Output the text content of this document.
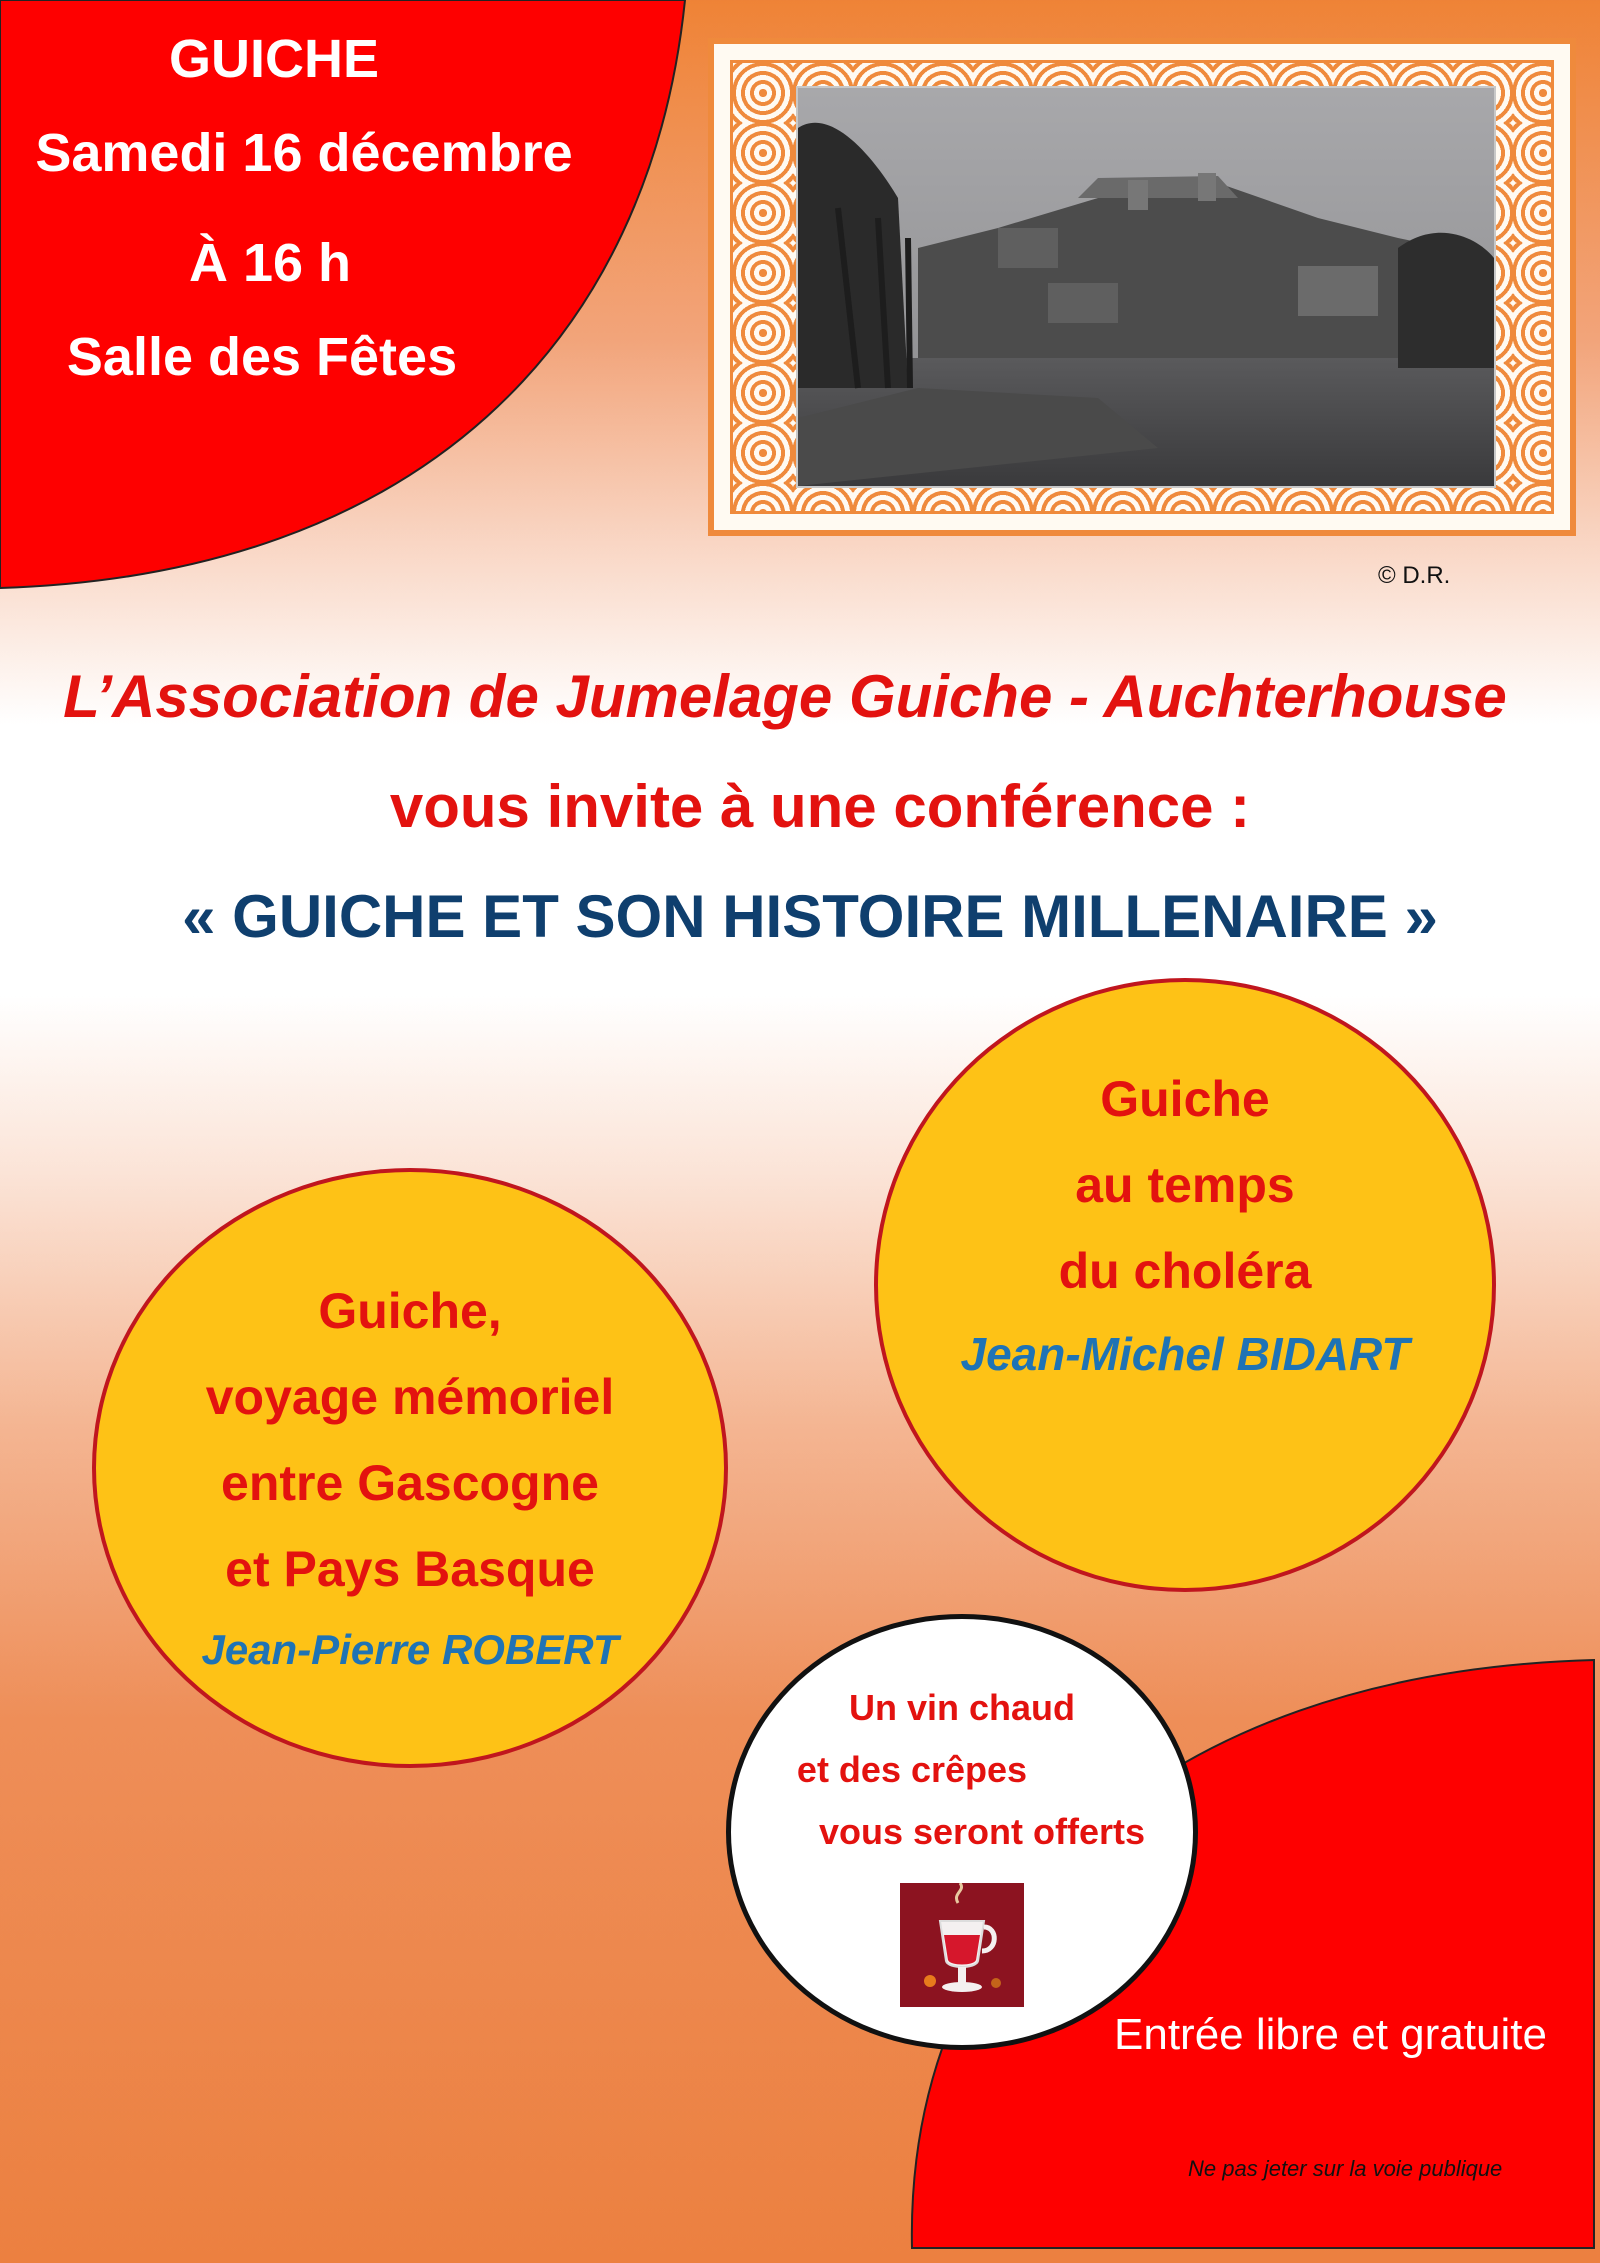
GUICHE
Samedi 16 décembre
À 16 h
Salle des Fêtes
© D.R.
L’Association de Jumelage Guiche - Auchterhouse
vous invite à une conférence :
« GUICHE ET SON HISTOIRE MILLENAIRE »
Guiche
au temps
du choléra
Jean-Michel BIDART
Guiche,
voyage mémoriel
entre Gascogne
et Pays Basque
Jean-Pierre ROBERT
Un vin chaud
et des crêpes
vous seront offerts
Entrée libre et gratuite
Ne pas jeter sur la voie publique
